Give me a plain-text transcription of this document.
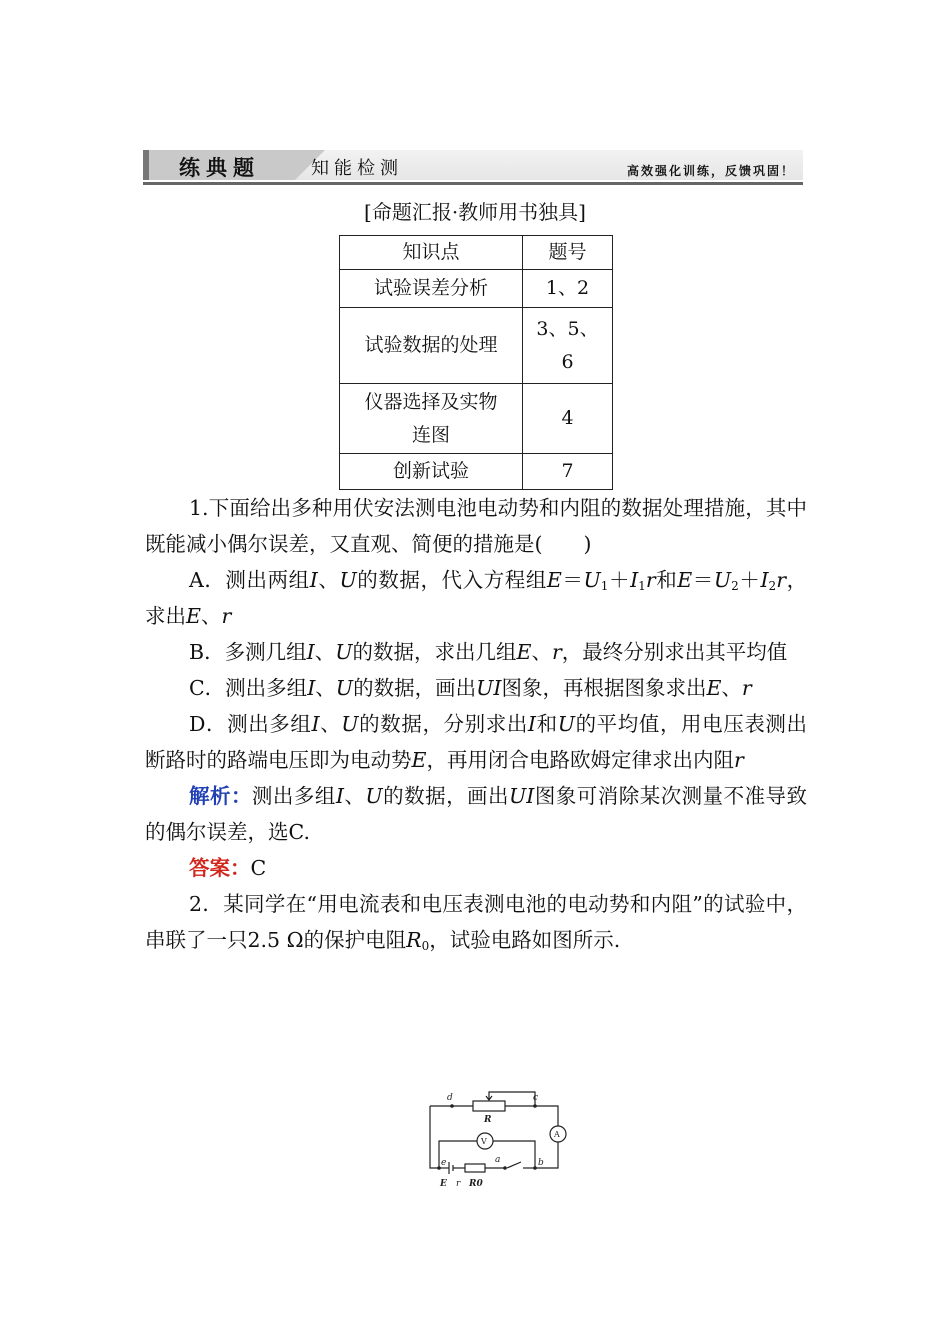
练典题	知能检测	高效强化训练，反馈巩固！
[命题汇报·教师用书独具]
知识点	题号
试验误差分析	1、2
试验数据的处理	3、5、
6

仪器选择及实物
连图	4
创新试验	7

1.下面给出多种用伏安法测电池电动势和内阻的数据处理措施，其中既能减小偶尔误差，又直观、简便的措施是(　　)

A．测出两组I、U的数据，代入方程组$E=U_1+I_1r$和$E=U_2+I_2r$，求出E、r

B．多测几组I、U的数据，求出几组E、r，最终分别求出其平均值

C．测出多组I、U的数据，画出UI图象，再根据图象求出E、r

D．测出多组I、U的数据，分别求出I和U的平均值，用电压表测出断路时的路端电压即为电动势E，再用闭合电路欧姆定律求出内阻r

解析：测出多组I、U的数据，画出UI图象可消除某次测量不准导致的偶尔误差，选C.

答案：C

2．某同学在“用电流表和电压表测电池的电动势和内阻”的试验中，串联了一只2.5 Ω的保护电阻$R_0$，试验电路如图所示.

d	c
R
V
A
e	a	b
E r R0
